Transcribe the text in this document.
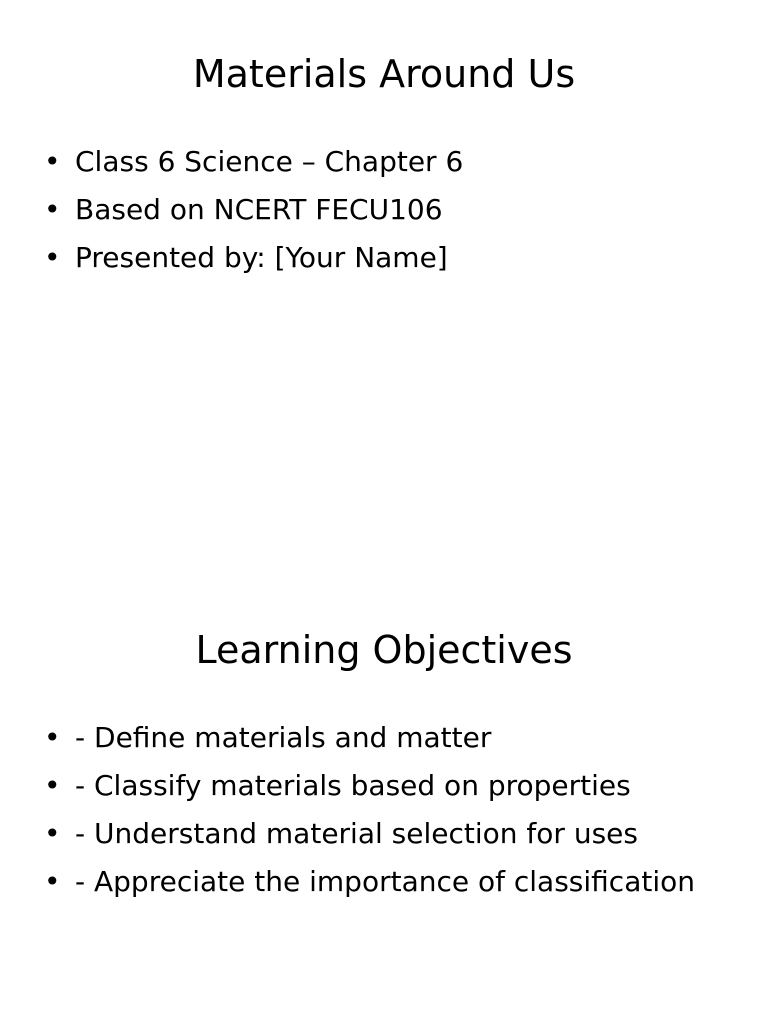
Materials Around Us
• Class 6 Science – Chapter 6
• Based on NCERT FECU106
• Presented by: [Your Name]
Learning Objectives
• - Define materials and matter
• - Classify materials based on properties
• - Understand material selection for uses
• - Appreciate the importance of classification
